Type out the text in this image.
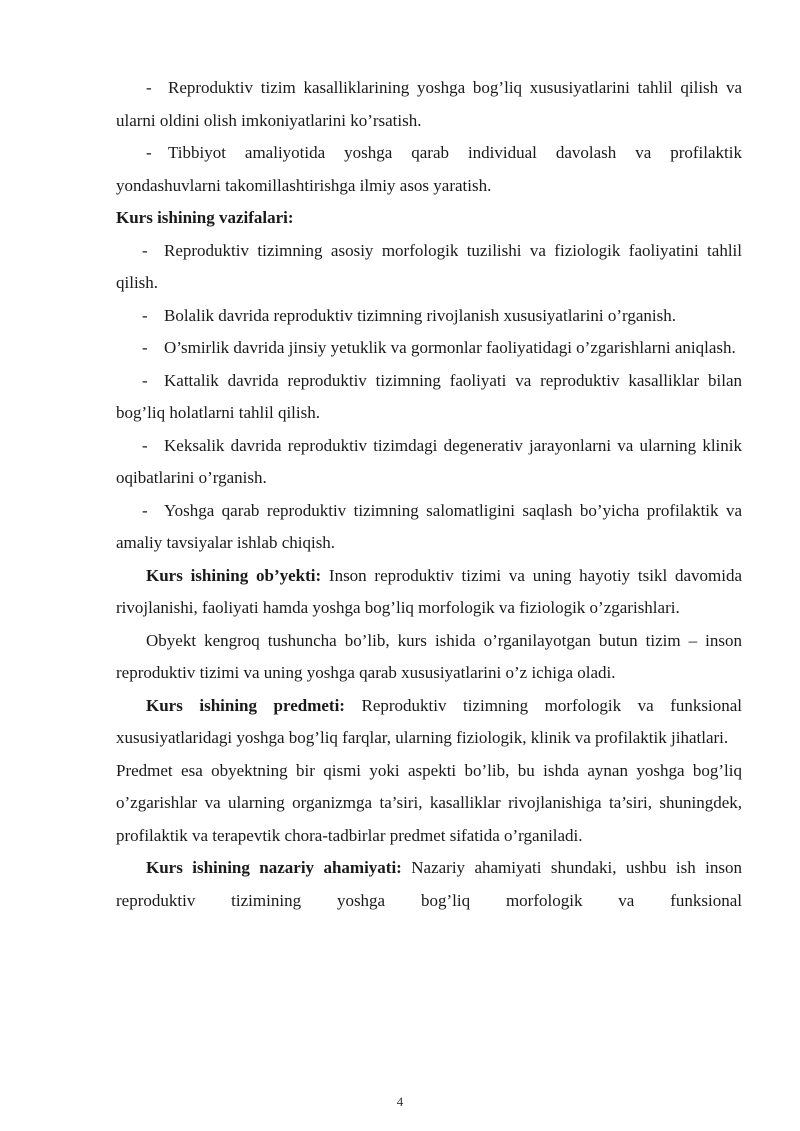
- Reproduktiv tizim kasalliklarining yoshga bog’liq xususiyatlarini tahlil qilish va ularni oldini olish imkoniyatlarini ko’rsatish.

- Tibbiyot amaliyotida yoshga qarab individual davolash va profilaktik yondashuvlarni takomillashtirishga ilmiy asos yaratish.

Kurs ishining vazifalari:

- Reproduktiv tizimning asosiy morfologik tuzilishi va fiziologik faoliyatini tahlil qilish.

- Bolalik davrida reproduktiv tizimning rivojlanish xususiyatlarini o’rganish.

- O’smirlik davrida jinsiy yetuklik va gormonlar faoliyatidagi o’zgarishlarni aniqlash.

- Kattalik davrida reproduktiv tizimning faoliyati va reproduktiv kasalliklar bilan bog’liq holatlarni tahlil qilish.

- Keksalik davrida reproduktiv tizimdagi degenerativ jarayonlarni va ularning klinik oqibatlarini o’rganish.

- Yoshga qarab reproduktiv tizimning salomatligini saqlash bo’yicha profilaktik va amaliy tavsiyalar ishlab chiqish.

Kurs ishining ob’yekti: Inson reproduktiv tizimi va uning hayotiy tsikl davomida rivojlanishi, faoliyati hamda yoshga bog’liq morfologik va fiziologik o’zgarishlari.

Obyekt kengroq tushuncha bo’lib, kurs ishida o’rganilayotgan butun tizim – inson reproduktiv tizimi va uning yoshga qarab xususiyatlarini o’z ichiga oladi.

Kurs ishining predmeti: Reproduktiv tizimning morfologik va funksional xususiyatlaridagi yoshga bog’liq farqlar, ularning fiziologik, klinik va profilaktik jihatlari.

Predmet esa obyektning bir qismi yoki aspekti bo’lib, bu ishda aynan yoshga bog’liq o’zgarishlar va ularning organizmga ta’siri, kasalliklar rivojlanishiga ta’siri, shuningdek, profilaktik va terapevtik chora-tadbirlar predmet sifatida o’rganiladi.

Kurs ishining nazariy ahamiyati: Nazariy ahamiyati shundaki, ushbu ish inson reproduktiv tizimining yoshga bog’liq morfologik va funksional

4
